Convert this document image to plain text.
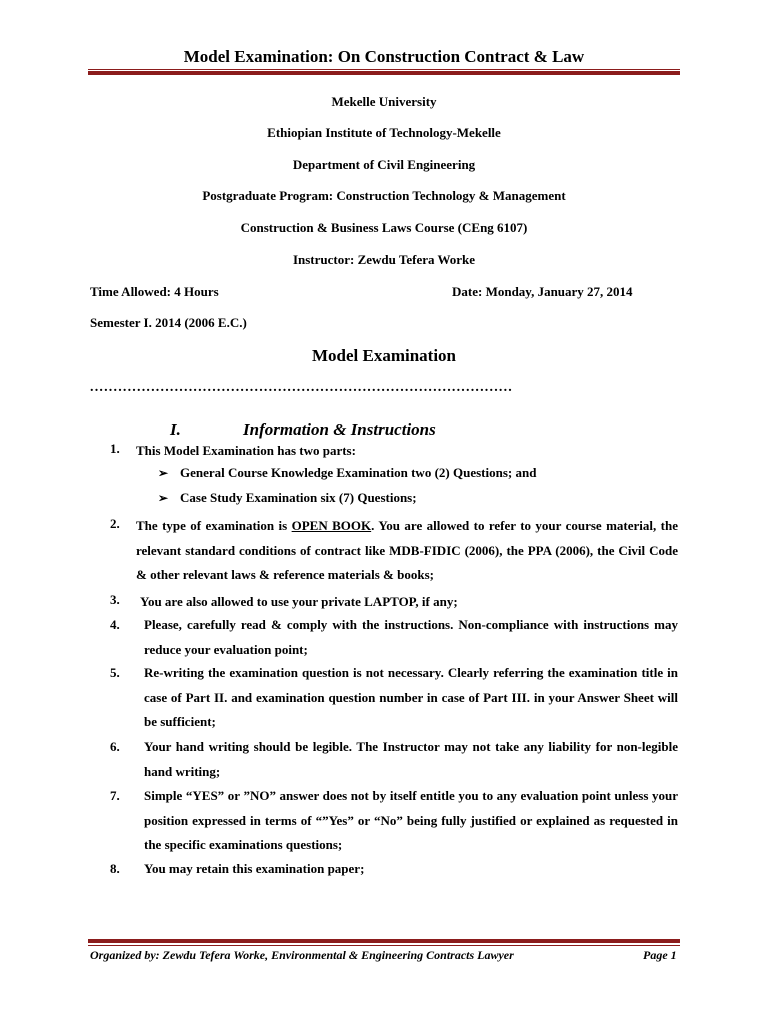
Model Examination: On Construction Contract & Law
Mekelle University
Ethiopian Institute of Technology-Mekelle
Department of Civil Engineering
Postgraduate Program: Construction Technology & Management
Construction & Business Laws Course (CEng 6107)
Instructor: Zewdu Tefera Worke
Time Allowed: 4 Hours	Date: Monday, January 27, 2014
Semester I. 2014 (2006 E.C.)
Model Examination
..........................................................................................
I.	Information & Instructions
1. This Model Examination has two parts:
➢ General Course Knowledge Examination two (2) Questions; and
➢ Case Study Examination six (7) Questions;
2. The type of examination is OPEN BOOK. You are allowed to refer to your course material, the relevant standard conditions of contract like MDB-FIDIC (2006), the PPA (2006), the Civil Code & other relevant laws & reference materials & books;
3. You are also allowed to use your private LAPTOP, if any;
4. Please, carefully read & comply with the instructions. Non-compliance with instructions may reduce your evaluation point;
5. Re-writing the examination question is not necessary. Clearly referring the examination title in case of Part II. and examination question number in case of Part III. in your Answer Sheet will be sufficient;
6. Your hand writing should be legible. The Instructor may not take any liability for non-legible hand writing;
7. Simple “YES” or ”NO” answer does not by itself entitle you to any evaluation point unless your position expressed in terms of “”Yes” or “No” being fully justified or explained as requested in the specific examinations questions;
8. You may retain this examination paper;
Organized by: Zewdu Tefera Worke, Environmental & Engineering Contracts Lawyer	Page 1
